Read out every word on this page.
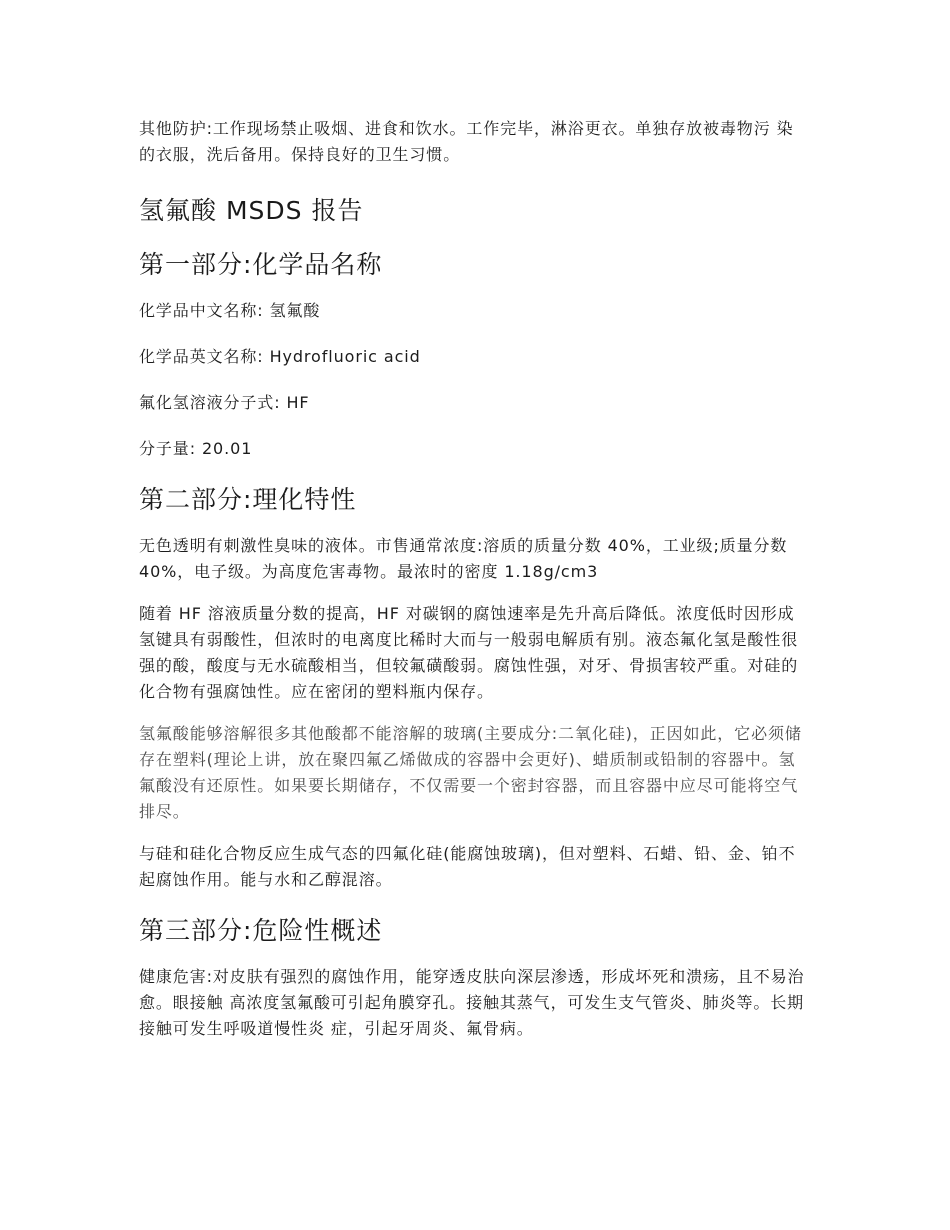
其他防护:工作现场禁止吸烟、进食和饮水。工作完毕，淋浴更衣。单独存放被毒物污 染的衣服，洗后备用。保持良好的卫生习惯。

氢氟酸 MSDS 报告
第一部分:化学品名称

化学品中文名称: 氢氟酸

化学品英文名称: Hydrofluoric acid

氟化氢溶液分子式: HF

分子量: 20.01

第二部分:理化特性

无色透明有刺激性臭味的液体。市售通常浓度:溶质的质量分数 40%，工业级;质量分数 40%，电子级。为高度危害毒物。最浓时的密度 1.18g/cm3

随着 HF 溶液质量分数的提高，HF 对碳钢的腐蚀速率是先升高后降低。浓度低时因形成氢键具有弱酸性，但浓时的电离度比稀时大而与一般弱电解质有别。液态氟化氢是酸性很强的酸，酸度与无水硫酸相当，但较氟磺酸弱。腐蚀性强，对牙、骨损害较严重。对硅的化合物有强腐蚀性。应在密闭的塑料瓶内保存。

氢氟酸能够溶解很多其他酸都不能溶解的玻璃(主要成分:二氧化硅)，正因如此，它必须储存在塑料(理论上讲，放在聚四氟乙烯做成的容器中会更好)、蜡质制或铅制的容器中。氢氟酸没有还原性。如果要长期储存，不仅需要一个密封容器，而且容器中应尽可能将空气排尽。

与硅和硅化合物反应生成气态的四氟化硅(能腐蚀玻璃)，但对塑料、石蜡、铅、金、铂不起腐蚀作用。能与水和乙醇混溶。

第三部分:危险性概述

健康危害:对皮肤有强烈的腐蚀作用，能穿透皮肤向深层渗透，形成坏死和溃疡，且不易治愈。眼接触 高浓度氢氟酸可引起角膜穿孔。接触其蒸气，可发生支气管炎、肺炎等。长期接触可发生呼吸道慢性炎 症，引起牙周炎、氟骨病。
